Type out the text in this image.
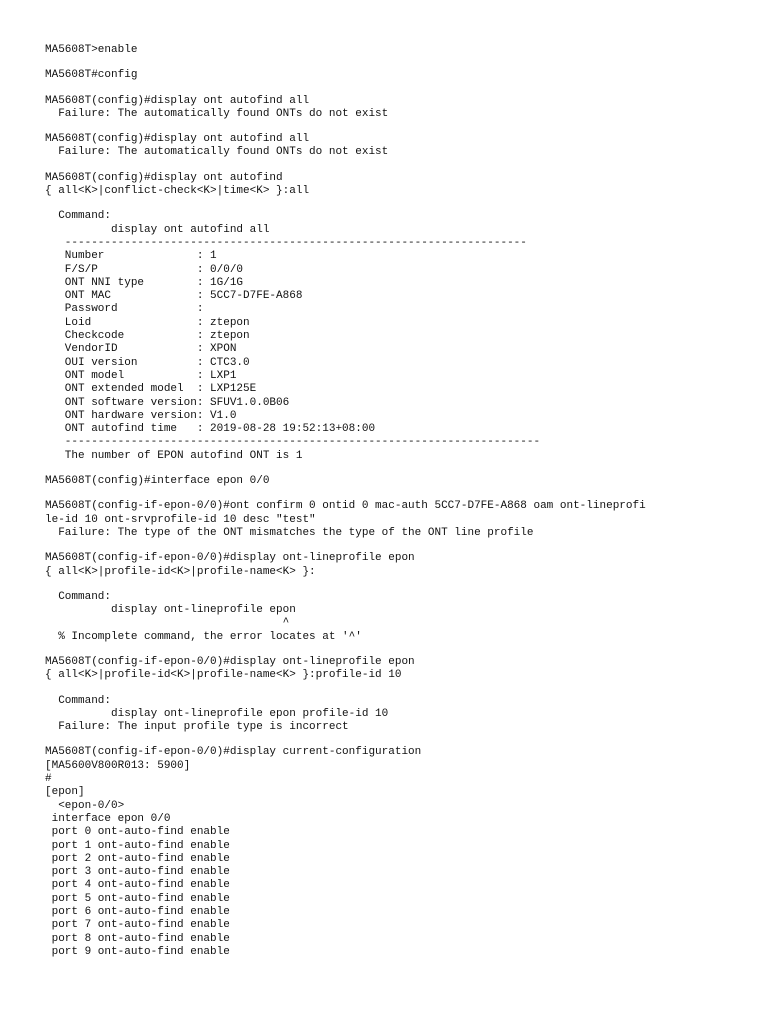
MA5608T>enable
MA5608T#config
MA5608T(config)#display ont autofind all
Failure: The automatically found ONTs do not exist
MA5608T(config)#display ont autofind all
Failure: The automatically found ONTs do not exist
MA5608T(config)#display ont autofind
{ all<K>|conflict-check<K>|time<K> }:all
Command:
display ont autofind all
----------------------------------------------------------------------
Number              : 1
F/S/P               : 0/0/0
ONT NNI type        : 1G/1G
ONT MAC             : 5CC7-D7FE-A868
Password            :
Loid                : ztepon
Checkcode           : ztepon
VendorID            : XPON
OUI version         : CTC3.0
ONT model           : LXP1
ONT extended model  : LXP125E
ONT software version: SFUV1.0.0B06
ONT hardware version: V1.0
ONT autofind time   : 2019-08-28 19:52:13+08:00
------------------------------------------------------------------------
The number of EPON autofind ONT is 1
MA5608T(config)#interface epon 0/0
MA5608T(config-if-epon-0/0)#ont confirm 0 ontid 0 mac-auth 5CC7-D7FE-A868 oam ont-lineprofi
le-id 10 ont-srvprofile-id 10 desc "test"
Failure: The type of the ONT mismatches the type of the ONT line profile
MA5608T(config-if-epon-0/0)#display ont-lineprofile epon
{ all<K>|profile-id<K>|profile-name<K> }:
Command:
display ont-lineprofile epon
^
% Incomplete command, the error locates at '^'
MA5608T(config-if-epon-0/0)#display ont-lineprofile epon
{ all<K>|profile-id<K>|profile-name<K> }:profile-id 10
Command:
display ont-lineprofile epon profile-id 10
Failure: The input profile type is incorrect
MA5608T(config-if-epon-0/0)#display current-configuration
[MA5600V800R013: 5900]
#
[epon]
<epon-0/0>
interface epon 0/0
port 0 ont-auto-find enable
port 1 ont-auto-find enable
port 2 ont-auto-find enable
port 3 ont-auto-find enable
port 4 ont-auto-find enable
port 5 ont-auto-find enable
port 6 ont-auto-find enable
port 7 ont-auto-find enable
port 8 ont-auto-find enable
port 9 ont-auto-find enable
